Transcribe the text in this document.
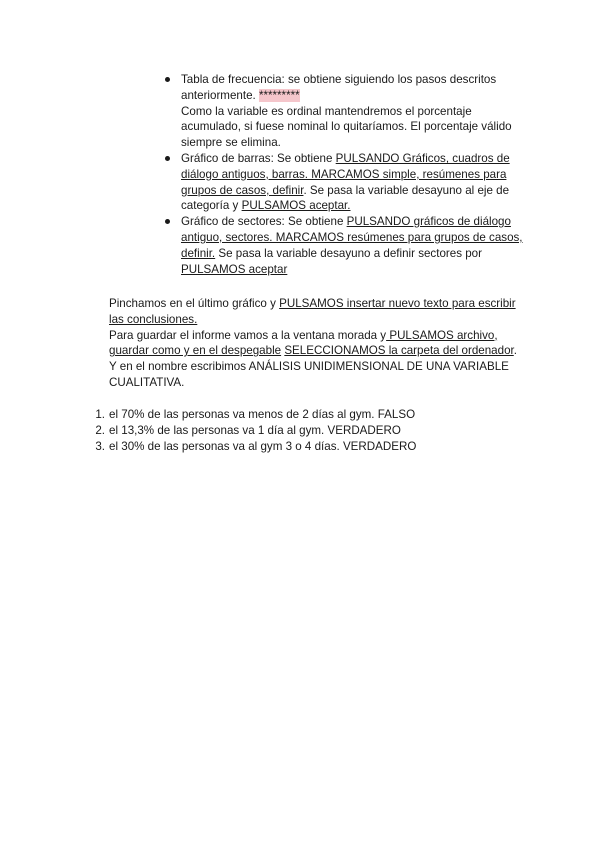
Tabla de frecuencia: se obtiene siguiendo los pasos descritos anteriormente. *********
Como la variable es ordinal mantendremos el porcentaje acumulado, si fuese nominal lo quitaríamos. El porcentaje válido siempre se elimina.
Gráfico de barras: Se obtiene PULSANDO Gráficos, cuadros de diálogo antiguos, barras. MARCAMOS simple, resúmenes para grupos de casos, definir. Se pasa la variable desayuno al eje de categoría y PULSAMOS aceptar.
Gráfico de sectores: Se obtiene PULSANDO gráficos de diálogo antiguo, sectores. MARCAMOS resúmenes para grupos de casos, definir. Se pasa la variable desayuno a definir sectores por PULSAMOS aceptar

Pinchamos en el último gráfico y PULSAMOS insertar nuevo texto para escribir las conclusiones.

Para guardar el informe vamos a la ventana morada y PULSAMOS archivo, guardar como y en el despegable SELECCIONAMOS la carpeta del ordenador. Y en el nombre escribimos ANÁLISIS UNIDIMENSIONAL DE UNA VARIABLE CUALITATIVA.

1. el 70% de las personas va menos de 2 días al gym. FALSO
2. el 13,3% de las personas va 1 día al gym. VERDADERO
3. el 30% de las personas va al gym 3 o 4 días. VERDADERO
